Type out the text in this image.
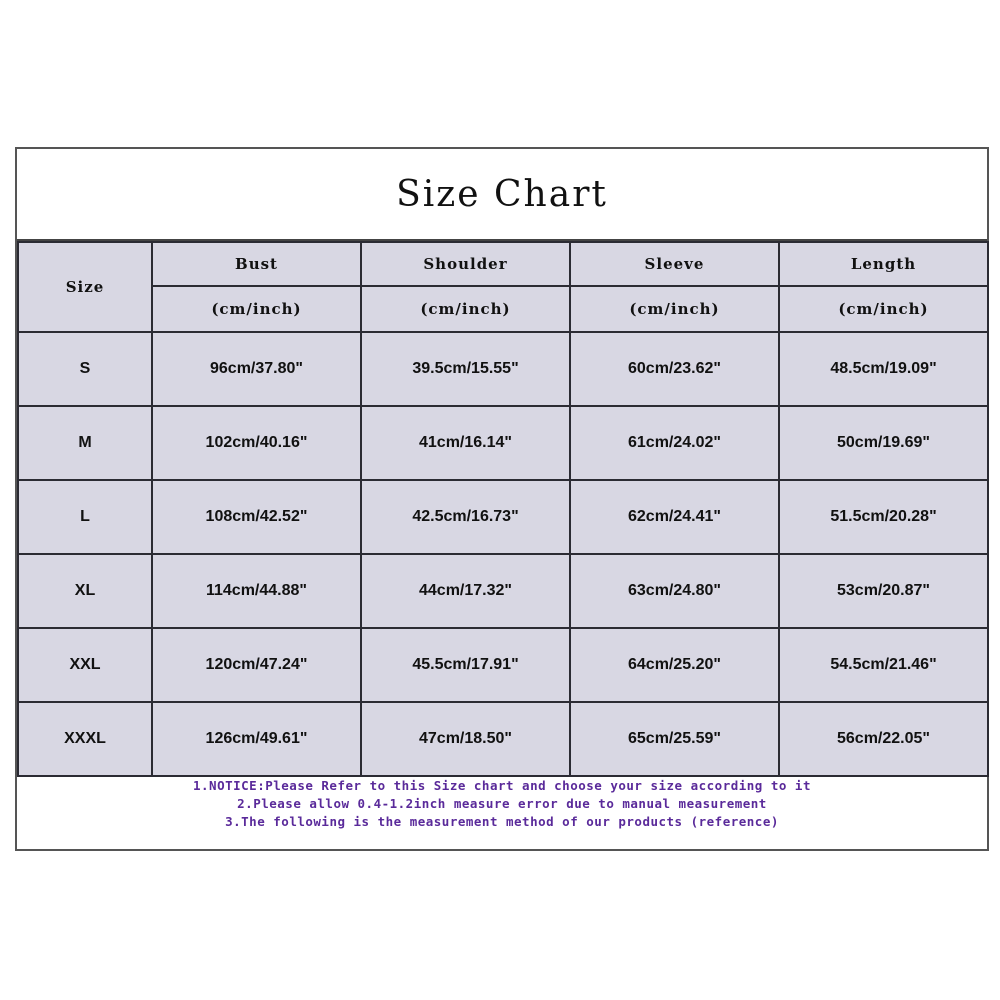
Size Chart
Size	Bust	Shoulder	Sleeve	Length
	(cm/inch)	(cm/inch)	(cm/inch)	(cm/inch)
S	96cm/37.80"	39.5cm/15.55"	60cm/23.62"	48.5cm/19.09"
M	102cm/40.16"	41cm/16.14"	61cm/24.02"	50cm/19.69"
L	108cm/42.52"	42.5cm/16.73"	62cm/24.41"	51.5cm/20.28"
XL	114cm/44.88"	44cm/17.32"	63cm/24.80"	53cm/20.87"
XXL	120cm/47.24"	45.5cm/17.91"	64cm/25.20"	54.5cm/21.46"
XXXL	126cm/49.61"	47cm/18.50"	65cm/25.59"	56cm/22.05"
1.NOTICE:Please Refer to this Size chart and choose your size according to it
2.Please allow 0.4-1.2inch measure error due to manual measurement
3.The following is the measurement method of our products (reference)
